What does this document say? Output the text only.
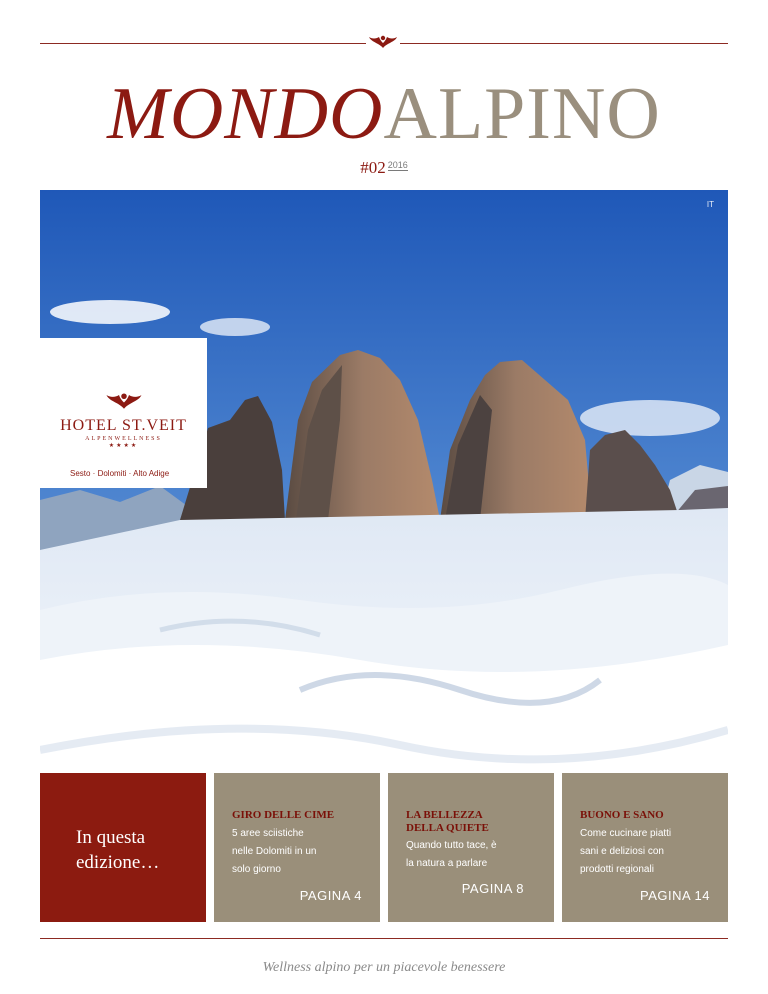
MONDOALPINO
#02 $^{2016}$
IT
HOTEL ST.VEIT
ALPENWELLNESS
★★★★
Sesto · Dolomiti · Alto Adige
In questa
edizione…
GIRO DELLE CIME
5 aree sciistiche
nelle Dolomiti in un
solo giorno
PAGINA 4
LA BELLEZZA DELLA QUIETE
Quando tutto tace, è
la natura a parlare
PAGINA 8
BUONO E SANO
Come cucinare piatti
sani e deliziosi con
prodotti regionali
PAGINA 14
Wellness alpino per un piacevole benessere
